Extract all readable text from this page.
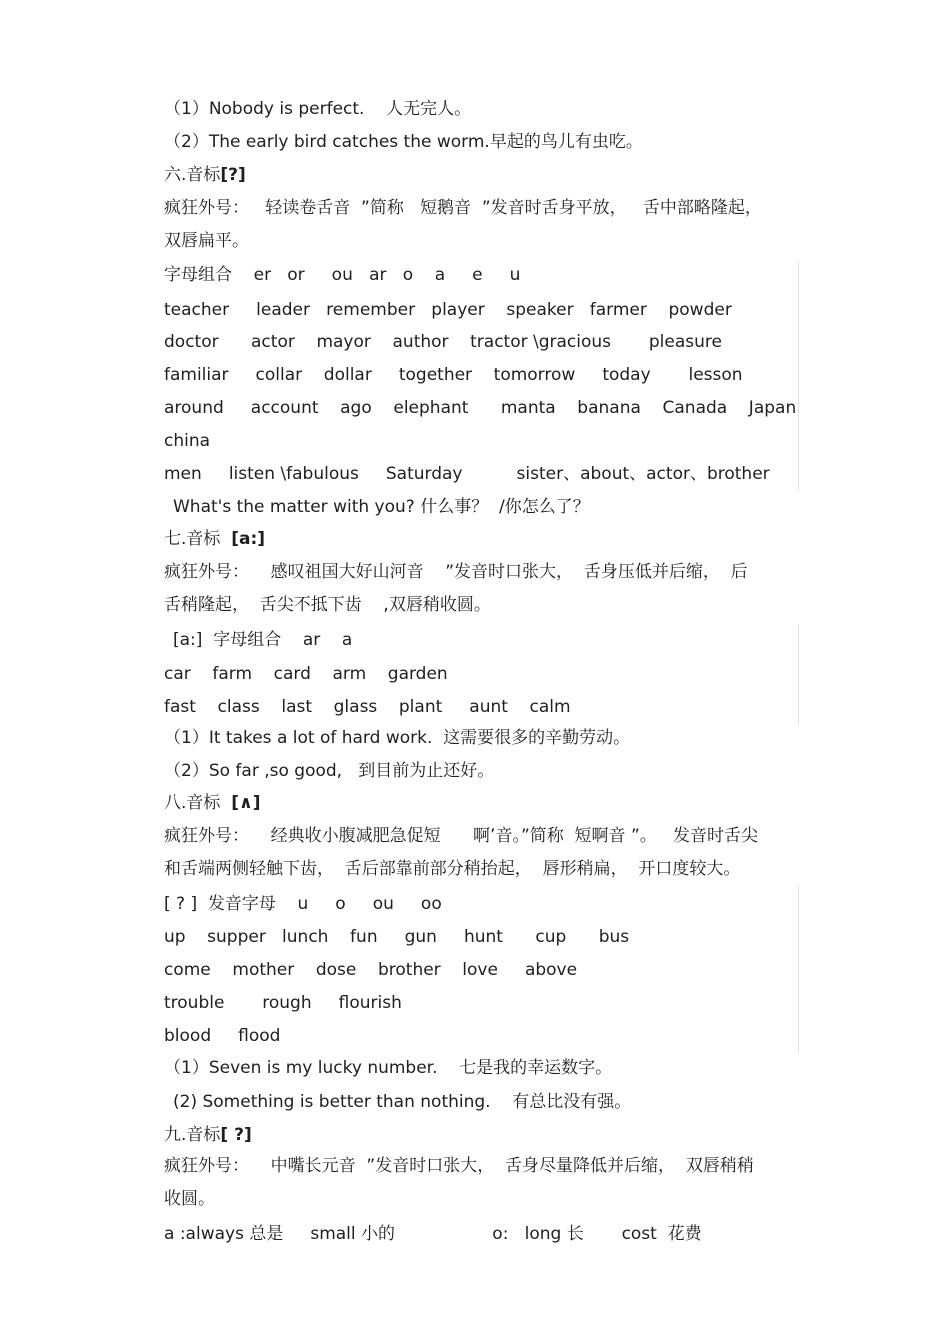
（1）Nobody is perfect.    人无完人。
（2）The early bird catches the worm.早起的鸟儿有虫吃。
六.音标[?]
疯狂外号：   轻读卷舌音  ”简称   短鹅音  ”发音时舌身平放，   舌中部略隆起，
双唇扁平。
字母组合    er   or     ou   ar   o    a     e     u
teacher     leader   remember   player    speaker   farmer    powder
doctor      actor    mayor    author    tractor \gracious       pleasure
familiar     collar    dollar     together    tomorrow     today       lesson
around     account    ago    elephant      manta    banana    Canada    Japan
china
men     listen \fabulous     Saturday          sister、about、actor、brother
What's the matter with you? 什么事？  /你怎么了？
七.音标  [a:]
疯狂外号：    感叹祖国大好山河音    ”发音时口张大，  舌身压低并后缩，  后
舌稍隆起，  舌尖不抵下齿    ,双唇稍收圆。
[a:]  字母组合    ar    a
car    farm    card    arm    garden
fast    class    last    glass    plant     aunt    calm
（1）It takes a lot of hard work.  这需要很多的辛勤劳动。
（2）So far ,so good,   到目前为止还好。
八.音标  [∧]
疯狂外号：    经典收小腹减肥急促短      啊’音。”简称  短啊音 ”。   发音时舌尖
和舌端两侧轻触下齿，  舌后部靠前部分稍抬起，  唇形稍扁，  开口度较大。
[ ? ]  发音字母    u     o     ou     oo
up    supper   lunch    fun     gun     hunt      cup      bus
come    mother    dose    brother    love     above
trouble       rough     flourish
blood     flood
（1）Seven is my lucky number.    七是我的幸运数字。
(2) Something is better than nothing.    有总比没有强。
九.音标[ ?]
疯狂外号：    中嘴长元音  ”发音时口张大，  舌身尽量降低并后缩，  双唇稍稍
收圆。
a :always 总是     small 小的                  o:   long 长       cost  花费
